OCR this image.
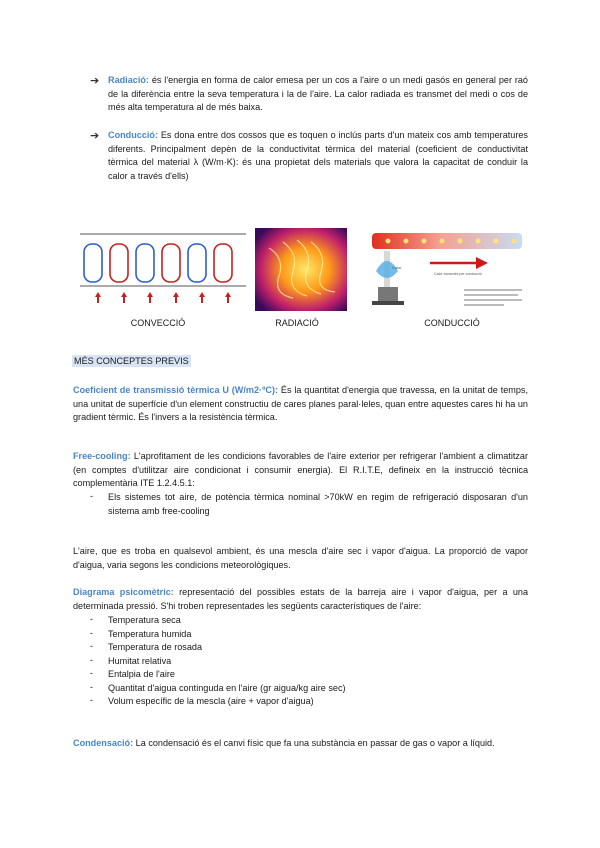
➔ Radiació: és l'energia en forma de calor emesa per un cos a l'aire o un medi gasós en general per raó de la diferència entre la seva temperatura i la de l'aire. La calor radiada es transmet del medi o cos de més alta temperatura al de més baixa.
➔ Conducció: Es dona entre dos cossos que es toquen o inclús parts d'un mateix cos amb temperatures diferents. Principalment depèn de la conductivitat tèrmica del material (coeficient de conductivitat tèrmica del material λ (W/m·K): és una propietat dels materials que valora la capacitat de conduir la calor a través d'ells)
Calor
Calor transmès per conducció
CONVECCIÓ	RADIACIÓ	CONDUCCIÓ
MÉS CONCEPTES PREVIS
Coeficient de transmissió tèrmica U (W/m2·ºC): És la quantitat d'energia que travessa, en la unitat de temps, una unitat de superfície d'un element constructiu de cares planes paral·leles, quan entre aquestes cares hi ha un gradient tèrmic. És l'invers a la resistència tèrmica.
Free-cooling: L'aprofitament de les condicions favorables de l'aire exterior per refrigerar l'ambient a climatitzar (en comptes d'utilitzar aire condicionat i consumir energia). El R.I.T.E, defineix en la instrucció tècnica complementària ITE 1.2.4.5.1:
- Els sistemes tot aire, de potència tèrmica nominal >70kW en regim de refrigeració disposaran d'un sistema amb free-cooling
L'aire, que es troba en qualsevol ambient, és una mescla d'aire sec i vapor d'aigua. La proporció de vapor d'aigua, varia segons les condicions meteorològiques.
Diagrama psicomètric: representació del possibles estats de la barreja aire i vapor d'aigua, per a una determinada pressió. S'hi troben representades les següents característiques de l'aire:
- Temperatura seca
- Temperatura humida
- Temperatura de rosada
- Humitat relativa
- Entalpia de l'aire
- Quantitat d'aigua continguda en l'aire (gr aigua/kg aire sec)
- Volum específic de la mescla (aire + vapor d'aigua)
Condensació: La condensació és el canvi físic que fa una substància en passar de gas o vapor a líquid.
